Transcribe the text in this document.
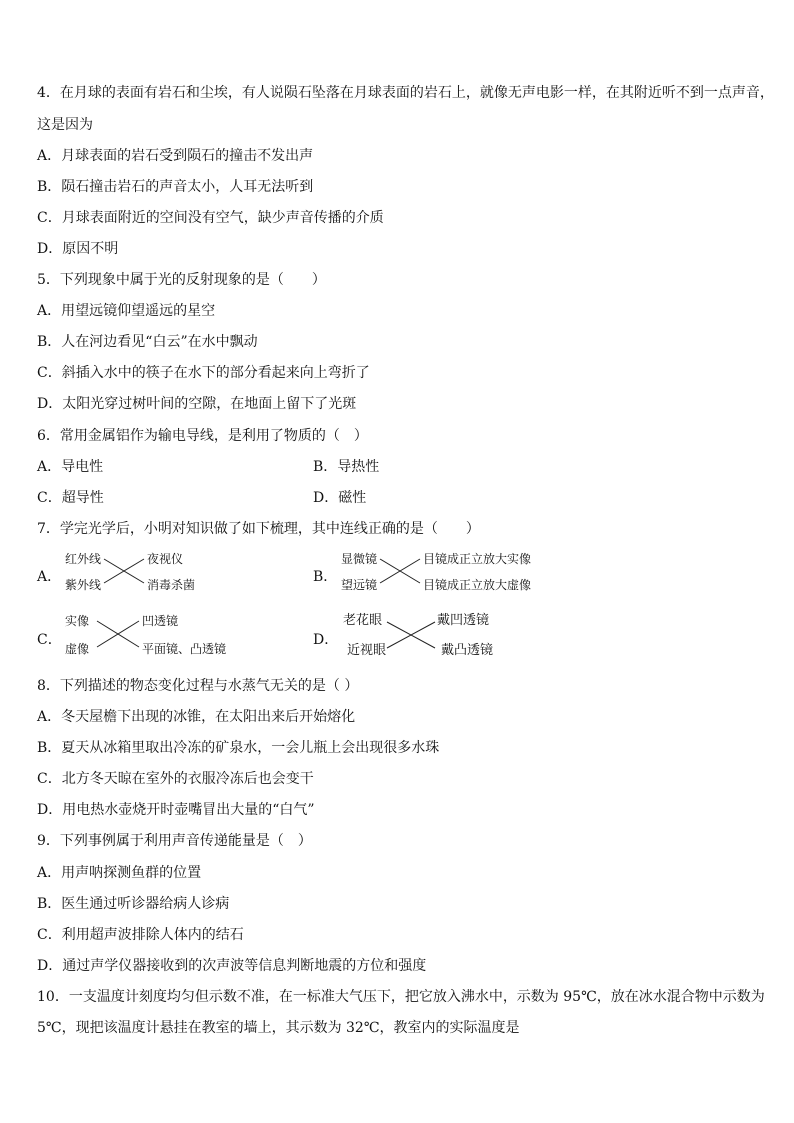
4．在月球的表面有岩石和尘埃，有人说陨石坠落在月球表面的岩石上，就像无声电影一样，在其附近听不到一点声音，
这是因为
A．月球表面的岩石受到陨石的撞击不发出声
B．陨石撞击岩石的声音太小，人耳无法听到
C．月球表面附近的空间没有空气，缺少声音传播的介质
D．原因不明
5．下列现象中属于光的反射现象的是（　　）
A．用望远镜仰望遥远的星空
B．人在河边看见“白云”在水中飘动
C．斜插入水中的筷子在水下的部分看起来向上弯折了
D．太阳光穿过树叶间的空隙，在地面上留下了光斑
6．常用金属铝作为输电导线，是利用了物质的（　）
A．导电性	B．导热性
C．超导性	D．磁性
7．学完光学后，小明对知识做了如下梳理，其中连线正确的是（　　）
A．
红外线
紫外线
夜视仪
消毒杀菌	B．
显微镜
望远镜
目镜成正立放大实像
目镜成正立放大虚像
C．
实像
虚像
凹透镜
平面镜、凸透镜
D．
老花眼
近视眼
戴凹透镜
戴凸透镜
8．下列描述的物态变化过程与水蒸气无关的是（ ）
A．冬天屋檐下出现的冰锥，在太阳出来后开始熔化
B．夏天从冰箱里取出冷冻的矿泉水，一会儿瓶上会出现很多水珠
C．北方冬天晾在室外的衣服冷冻后也会变干
D．用电热水壶烧开时壶嘴冒出大量的“白气”
9．下列事例属于利用声音传递能量是（　）
A．用声呐探测鱼群的位置
B．医生通过听诊器给病人诊病
C．利用超声波排除人体内的结石
D．通过声学仪器接收到的次声波等信息判断地震的方位和强度
10．一支温度计刻度均匀但示数不准，在一标准大气压下，把它放入沸水中，示数为 95℃，放在冰水混合物中示数为
5℃，现把该温度计悬挂在教室的墙上，其示数为 32℃，教室内的实际温度是
